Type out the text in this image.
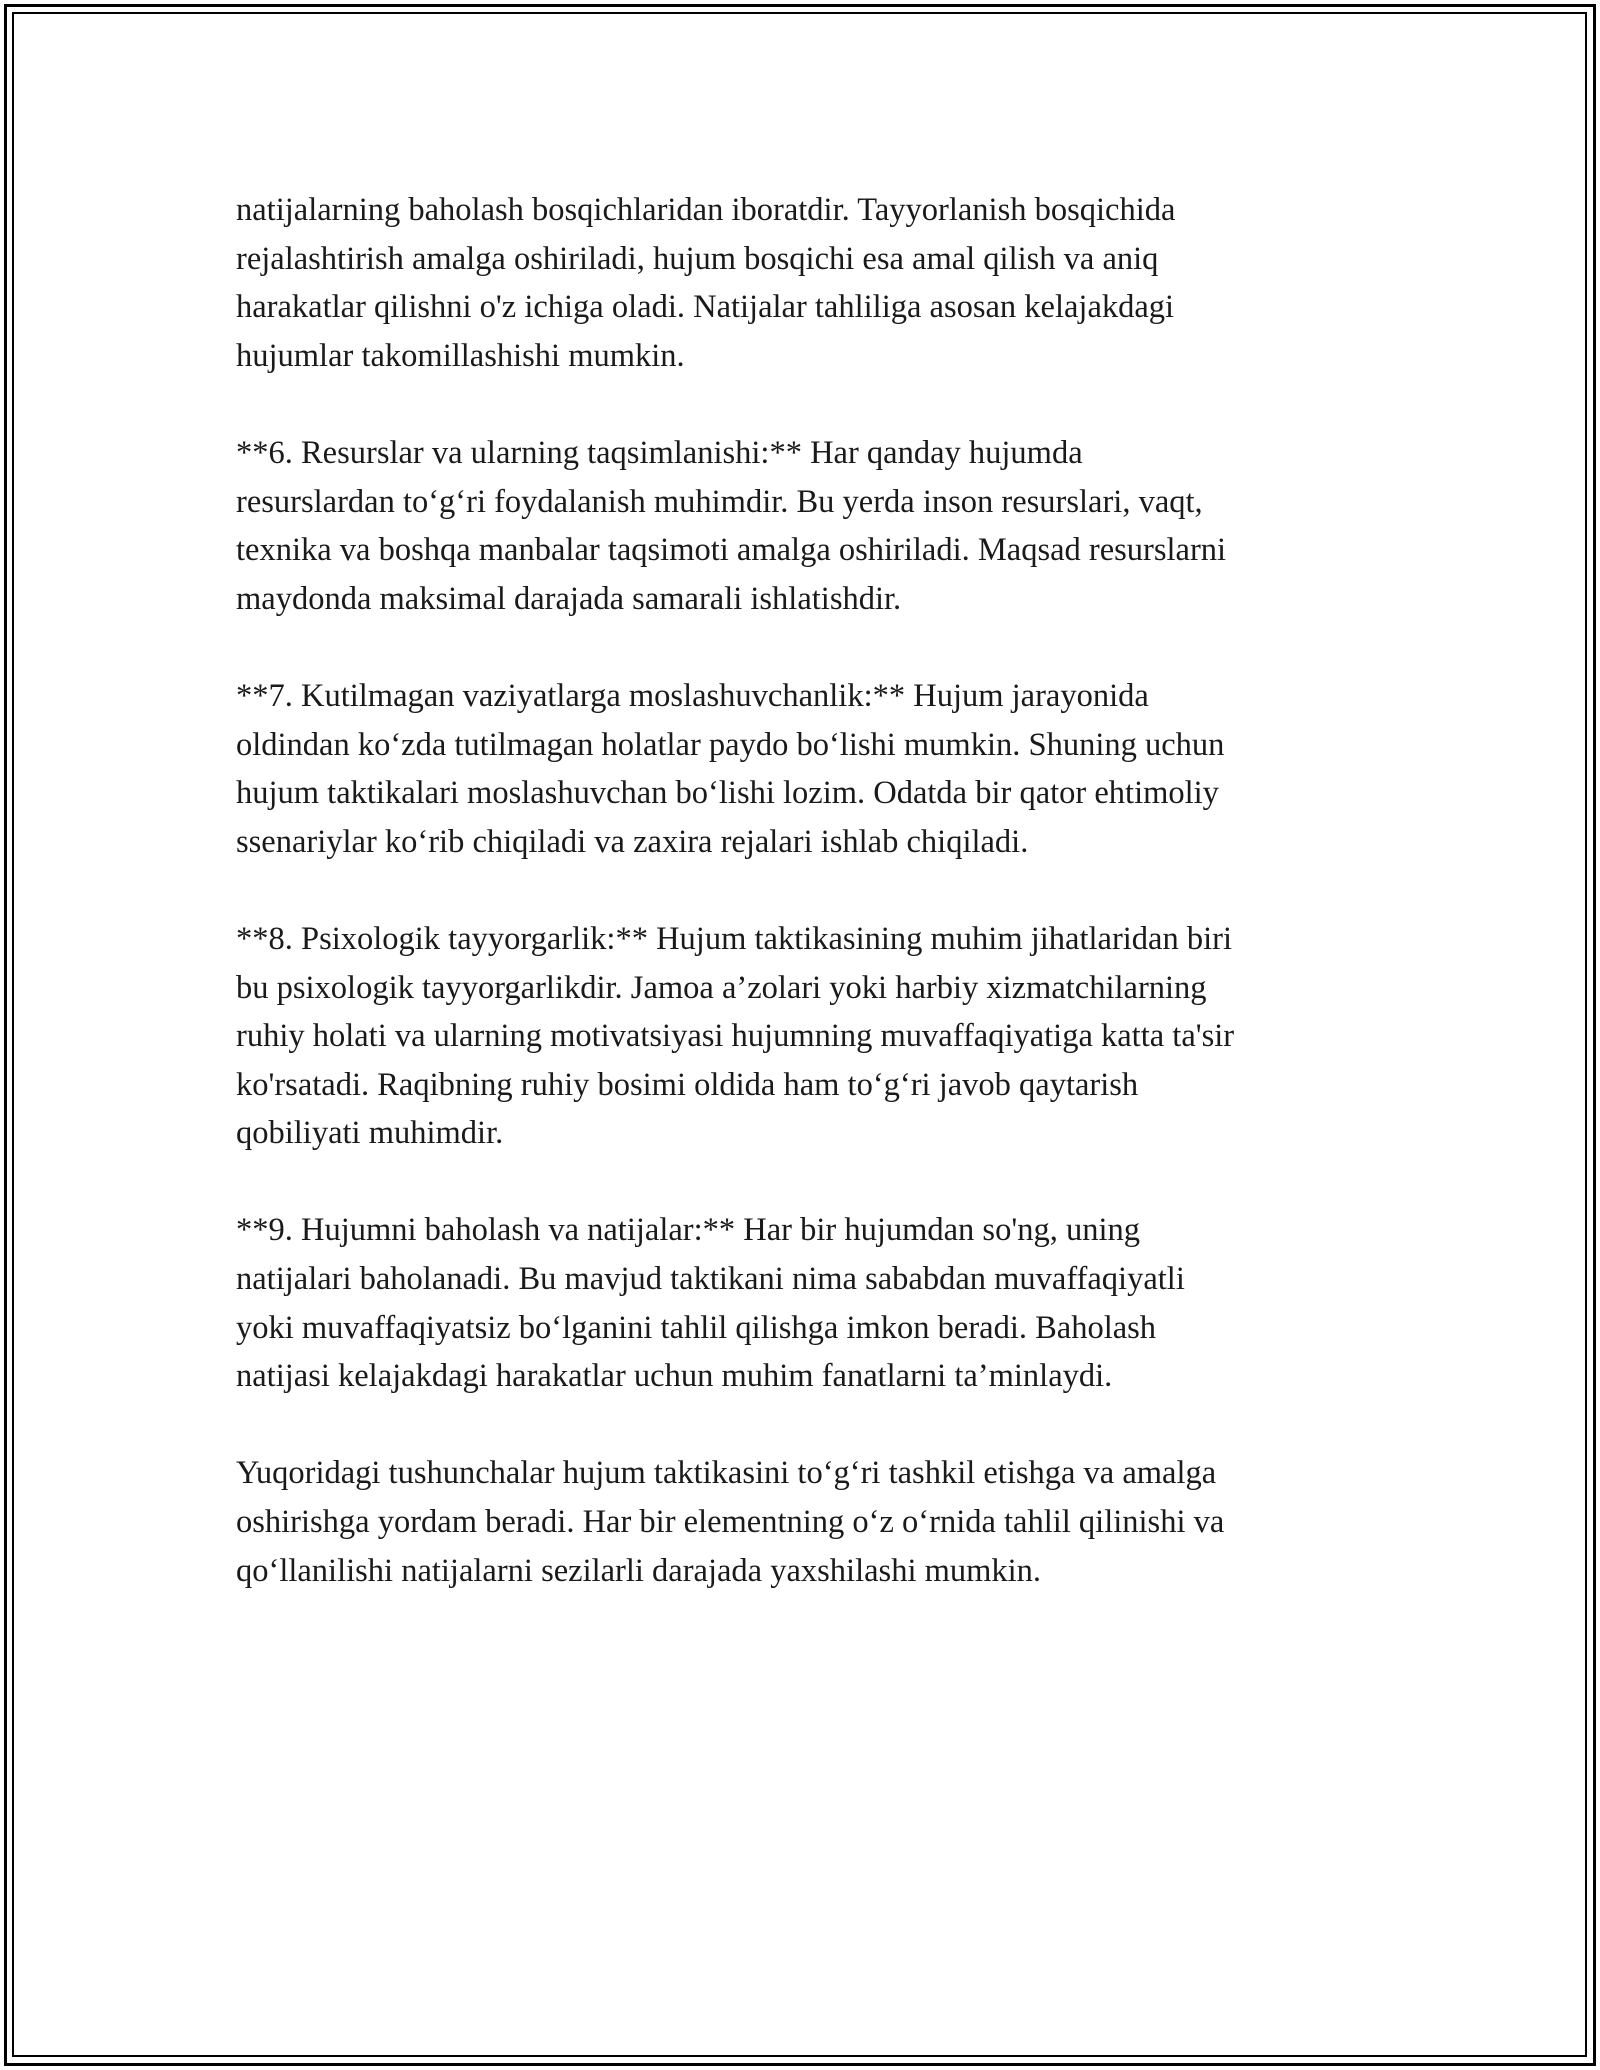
natijalarning baholash bosqichlaridan iboratdir. Tayyorlanish bosqichida
rejalashtirish amalga oshiriladi, hujum bosqichi esa amal qilish va aniq
harakatlar qilishni o'z ichiga oladi. Natijalar tahliliga asosan kelajakdagi
hujumlar takomillashishi mumkin.

**6. Resurslar va ularning taqsimlanishi:** Har qanday hujumda
resurslardan to‘g‘ri foydalanish muhimdir. Bu yerda inson resurslari, vaqt,
texnika va boshqa manbalar taqsimoti amalga oshiriladi. Maqsad resurslarni
maydonda maksimal darajada samarali ishlatishdir.

**7. Kutilmagan vaziyatlarga moslashuvchanlik:** Hujum jarayonida
oldindan ko‘zda tutilmagan holatlar paydo bo‘lishi mumkin. Shuning uchun
hujum taktikalari moslashuvchan bo‘lishi lozim. Odatda bir qator ehtimoliy
ssenariylar ko‘rib chiqiladi va zaxira rejalari ishlab chiqiladi.

**8. Psixologik tayyorgarlik:** Hujum taktikasining muhim jihatlaridan biri
bu psixologik tayyorgarlikdir. Jamoa a’zolari yoki harbiy xizmatchilarning
ruhiy holati va ularning motivatsiyasi hujumning muvaffaqiyatiga katta ta'sir
ko'rsatadi. Raqibning ruhiy bosimi oldida ham to‘g‘ri javob qaytarish
qobiliyati muhimdir.

**9. Hujumni baholash va natijalar:** Har bir hujumdan so'ng, uning
natijalari baholanadi. Bu mavjud taktikani nima sababdan muvaffaqiyatli
yoki muvaffaqiyatsiz bo‘lganini tahlil qilishga imkon beradi. Baholash
natijasi kelajakdagi harakatlar uchun muhim fanatlarni ta’minlaydi.

Yuqoridagi tushunchalar hujum taktikasini to‘g‘ri tashkil etishga va amalga
oshirishga yordam beradi. Har bir elementning o‘z o‘rnida tahlil qilinishi va
qo‘llanilishi natijalarni sezilarli darajada yaxshilashi mumkin.
